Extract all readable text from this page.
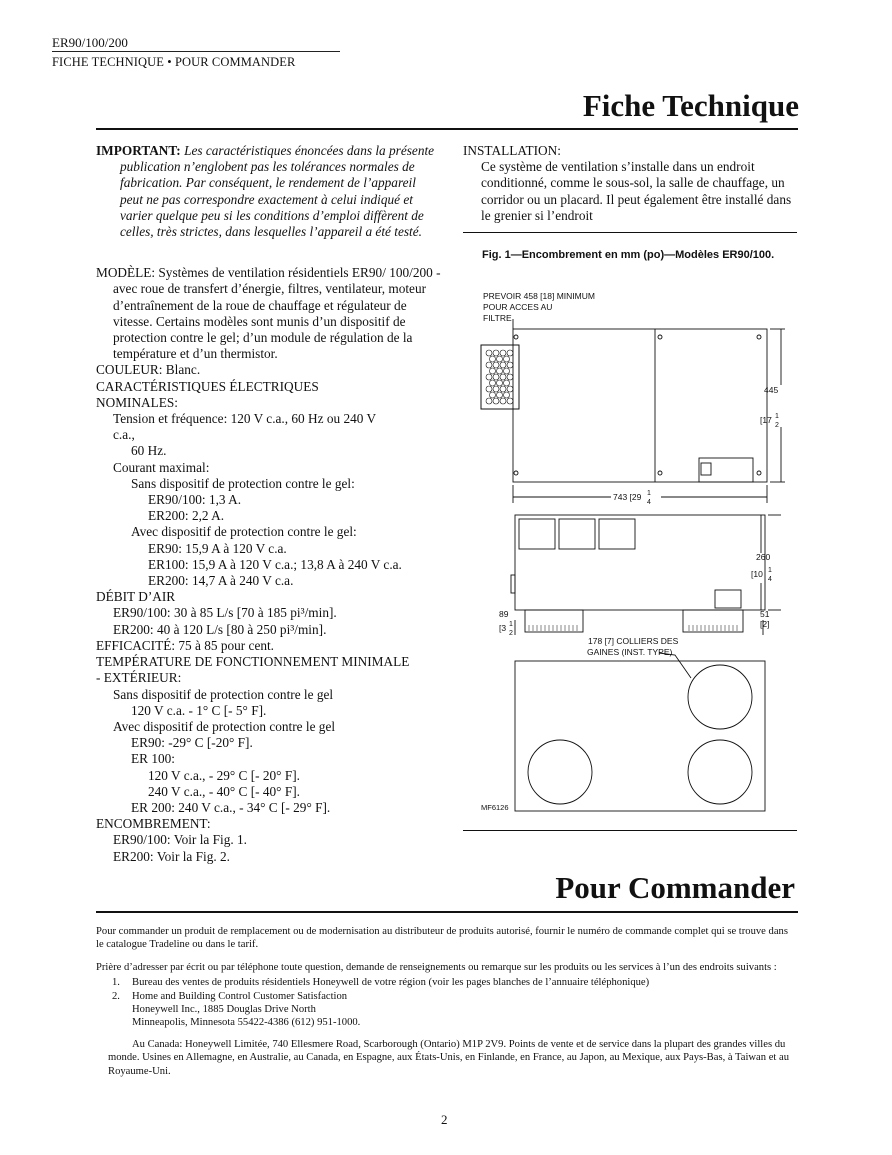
ER90/100/200
FICHE TECHNIQUE • POUR COMMANDER
Fiche Technique

IMPORTANT: Les caractéristiques énoncées dans la présente publication n’englobent pas les tolérances normales de fabrication. Par conséquent, le rendement de l’appareil peut ne pas correspondre exactement à celui indiqué et varier quelque peu si les conditions d’emploi diffèrent de celles, très strictes, dans lesquelles l’appareil a été testé.

MODÈLE: Systèmes de ventilation résidentiels ER90/ 100/200 - avec roue de transfert d’énergie, filtres, ventilateur, moteur d’entraînement de la roue de chauffage et régulateur de vitesse. Certains modèles sont munis d’un dispositif de protection contre le gel; d’un module de régulation de la température et d’un thermistor.

COULEUR: Blanc.
CARACTÉRISTIQUES ÉLECTRIQUES
NOMINALES:
Tension et fréquence: 120 V c.a., 60 Hz ou 240 V
c.a.,
60 Hz.
Courant maximal:
Sans dispositif de protection contre le gel:
ER90/100: 1,3 A.
ER200: 2,2 A.
Avec dispositif de protection contre le gel:
ER90: 15,9 A à 120 V c.a.
ER100: 15,9 A à 120 V c.a.; 13,8 A à 240 V c.a.
ER200: 14,7 A à 240 V c.a.
DÉBIT D’AIR
ER90/100: 30 à 85 L/s [70 à 185 pi³/min].
ER200: 40 à 120 L/s [80 à 250 pi³/min].
EFFICACITÉ: 75 à 85 pour cent.
TEMPÉRATURE DE FONCTIONNEMENT MINIMALE
- EXTÉRIEUR:
Sans dispositif de protection contre le gel
120 V c.a. - 1° C [- 5° F].
Avec dispositif de protection contre le gel
ER90: -29° C [-20° F].
ER 100:
120 V c.a., - 29° C [- 20° F].
240 V c.a., - 40° C [- 40° F].
ER 200: 240 V c.a., - 34° C [- 29° F].
ENCOMBREMENT:
ER90/100: Voir la Fig. 1.
ER200: Voir la Fig. 2.
INSTALLATION:
Ce système de ventilation s’installe dans un endroit conditionné, comme le sous-sol, la salle de chauffage, un corridor ou un placard. Il peut également être installé dans le grenier si l’endroit
Fig. 1—Encombrement en mm (po)—Modèles ER90/100.
PREVOIR 458 [18] MINIMUM
POUR ACCES AU
FILTRE
445
[17 1
2
743 [29 1
4
260
[10 1
4
89
[3 1
2
51
[2]
178 [7] COLLIERS DES
GAINES (INST. TYPE)
MF6126
Pour Commander

Pour commander un produit de remplacement ou de modernisation au distributeur de produits autorisé, fournir le numéro de commande complet qui se trouve dans le catalogue Tradeline ou dans le tarif.

Prière d’adresser par écrit ou par téléphone toute question, demande de renseignements ou remarque sur les produits ou les services à l’un des endroits suivants :

1. Bureau des ventes de produits résidentiels Honeywell de votre région (voir les pages blanches de l’annuaire téléphonique)
2. Home and Building Control Customer Satisfaction
Honeywell Inc., 1885 Douglas Drive North
Minneapolis, Minnesota 55422-4386 (612) 951-1000.

Au Canada: Honeywell Limitée, 740 Ellesmere Road, Scarborough (Ontario) M1P 2V9. Points de vente et de service dans la plupart des grandes villes du monde. Usines en Allemagne, en Australie, au Canada, en Espagne, aux États-Unis, en Finlande, en France, au Japon, au Mexique, aux Pays-Bas, à Taiwan et au Royaume-Uni.

2
